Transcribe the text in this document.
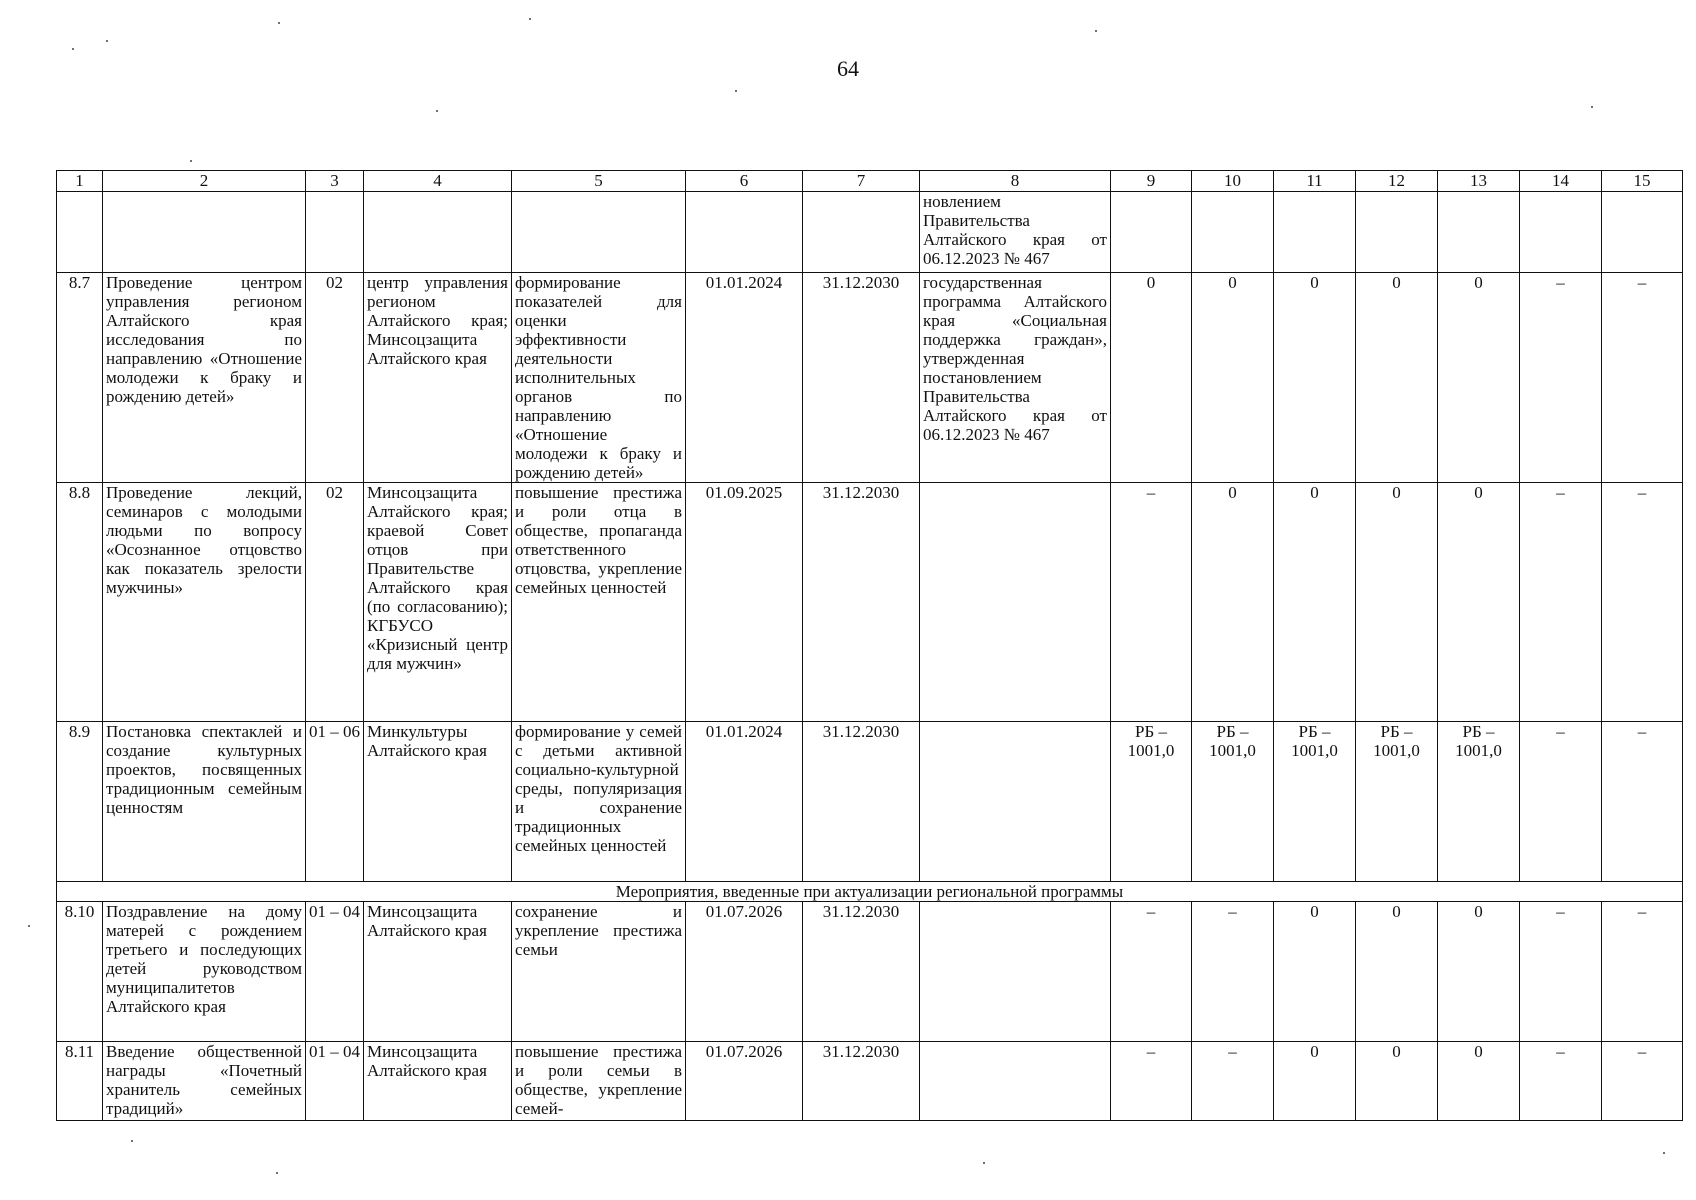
64
1	2	3	4	5	6	7	8	9	10	11	12	13	14	15
							новлением Правительства Алтайского края от 06.12.2023 № 467							
8.7	Проведение центром управления регионом Алтайского края исследования по направлению «Отношение молодежи к браку и рождению детей»	02	центр управления регионом Алтайского края; Минсоцзащита Алтайского края	формирование показателей для оценки эффективности деятельности исполнительных органов по направлению «Отношение молодежи к браку и рождению детей»	01.01.2024	31.12.2030	государственная программа Алтайского края «Социальная поддержка граждан», утвержденная постановлением Правительства Алтайского края от 06.12.2023 № 467	0	0	0	0	0	–	–
8.8	Проведение лекций, семинаров с молодыми людьми по вопросу «Осознанное отцовство как показатель зрелости мужчины»	02	Минсоцзащита Алтайского края; краевой Совет отцов при Правительстве Алтайского края (по согласованию); КГБУСО «Кризисный центр для мужчин»	повышение престижа и роли отца в обществе, пропаганда ответственного отцовства, укрепление семейных ценностей	01.09.2025	31.12.2030		–	0	0	0	0	–	–
8.9	Постановка спектаклей и создание культурных проектов, посвященных традиционным семейным ценностям	01 – 06	Минкультуры Алтайского края	формирование у семей с детьми активной социально-культурной среды, популяризация и сохранение традиционных семейных ценностей	01.01.2024	31.12.2030		РБ – 1001,0	РБ – 1001,0	РБ – 1001,0	РБ – 1001,0	РБ – 1001,0	–	–
Мероприятия, введенные при актуализации региональной программы														
8.10	Поздравление на дому матерей с рождением третьего и последующих детей руководством муниципалитетов Алтайского края	01 – 04	Минсоцзащита Алтайского края	сохранение и укрепление престижа семьи	01.07.2026	31.12.2030		–	–	0	0	0	–	–
8.11	Введение общественной награды «Почетный хранитель семейных традиций»	01 – 04	Минсоцзащита Алтайского края	повышение престижа и роли семьи в обществе, укрепление семей-	01.07.2026	31.12.2030		–	–	0	0	0	–	–
